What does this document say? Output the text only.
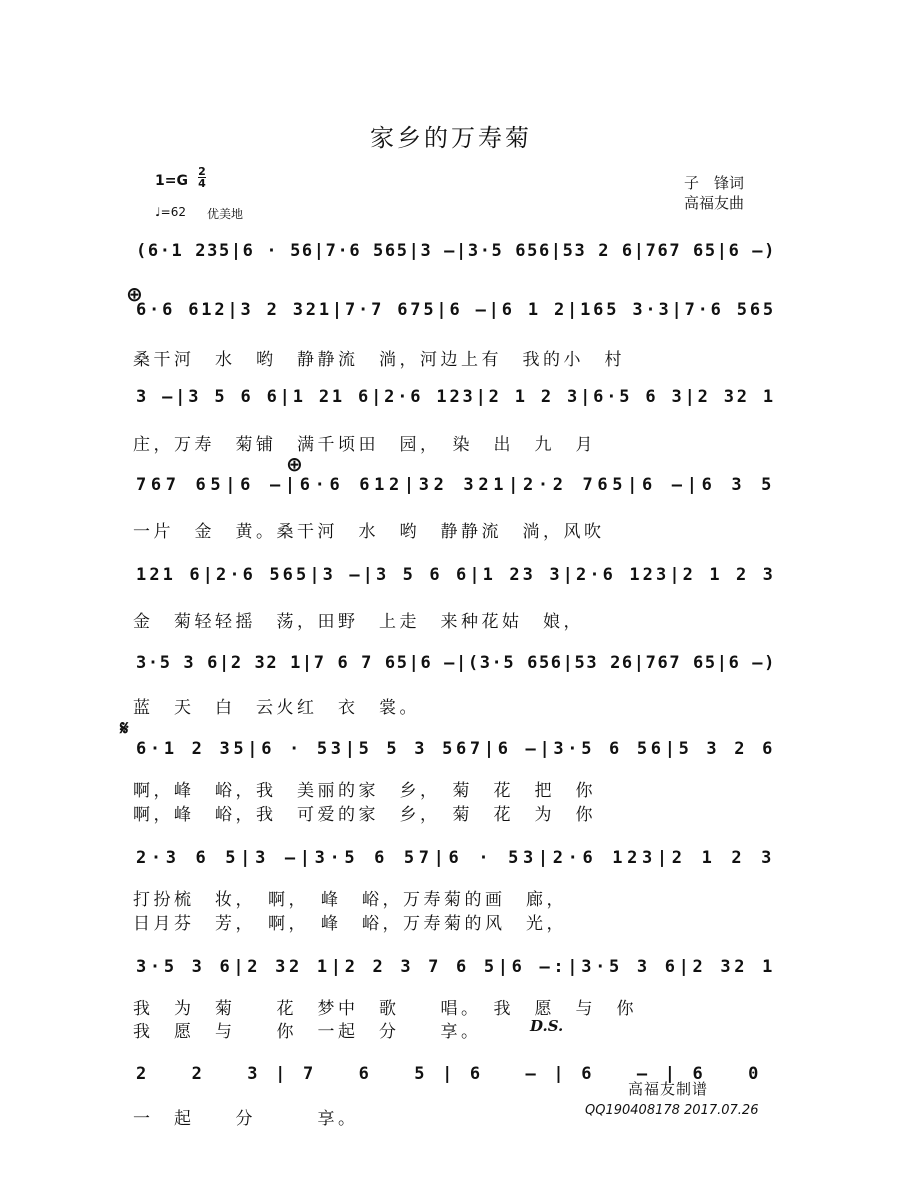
家乡的万寿菊
1=G
2
4
♩=62 优美地
子　锋词
高福友曲
(6·1 235|6 · 56|7·6 565|3 –|3·5 656|53 2 6|767 65|6 –)
⊕
6·6 612|3 2 321|7·7 675|6 –|6 1 2|165 3·3|7·6 565
桑干河　水　哟　静静流　淌，河边上有　我的小　村
3 –|3 5 6 6|1 21 6|2·6 123|2 1 2 3|6·5 6 3|2 32 1
庄，万寿　菊铺　满千顷田　园，　染　出　九　月
⊕
767 65|6 –|6·6 612|32 321|2·2 765|6 –|6 3 5
一片　金　黄。桑干河　水　哟　静静流　淌，风吹
121 6|2·6 565|3 –|3 5 6 6|1 23 3|2·6 123|2 1 2 3
金　菊轻轻摇　荡，田野　上走　来种花姑　娘，
3·5 3 6|2 32 1|7 6 7 65|6 –|(3·5 656|53 26|767 65|6 –)
蓝　天　白　云火红　衣　裳。
𝄋
6·1 2 35|6 · 53|5 5 3 567|6 –|3·5 6 56|5 3 2 6
啊，峰　峪，我　美丽的家　乡，　菊　花　把　你
啊，峰　峪，我　可爱的家　乡，　菊　花　为　你
2·3 6 5|3 –|3·5 6 57|6 · 53|2·6 123|2 1 2 3
打扮梳　妆，　啊，　峰　峪，万寿菊的画　廊，
日月芬　芳，　啊，　峰　峪，万寿菊的风　光，
3·5 3 6|2 32 1|2 2 3 7 6 5|6 –:|3·5 3 6|2 32 1
我　为　菊　　花　梦中　歌　　唱。　我　愿　与　你
我　愿　与　　你　一起　分　　享。	D.S.
2 2 3|7 6 5|6 –|6 –|6 0
一　起　　分　　　享。
高福友制谱
QQ190408178 2017.07.26
